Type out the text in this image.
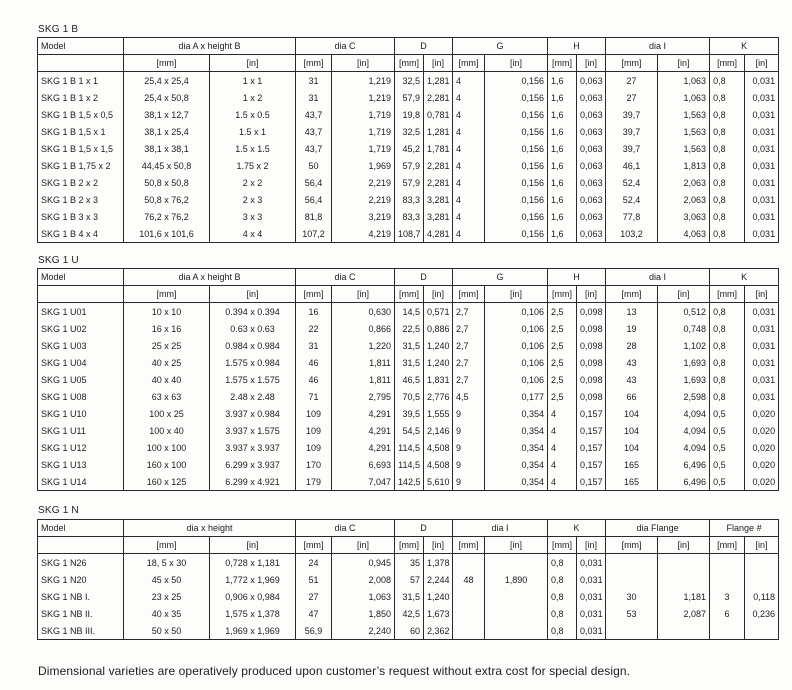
SKG 1 B
Model	dia A x height B		dia C		D		G		H		dia I		K	
	[mm]	[in]	[mm]	[in]	[mm]	[in]	[mm]	[in]	[mm]	[in]	[mm]	[in]	[mm]	[in]
SKG 1 B 1 x 1	25,4 x 25,4	1 x 1	31	1,219	32,5	1,281	4	0,156	1,6	0,063	27	1,063	0,8	0,031
SKG 1 B 1 x 2	25,4 x 50,8	1 x 2	31	1,219	57,9	2,281	4	0,156	1,6	0,063	27	1,063	0,8	0,031
SKG 1 B 1,5 x 0,5	38,1 x 12,7	1.5 x 0.5	43,7	1,719	19,8	0,781	4	0,156	1,6	0,063	39,7	1,563	0,8	0,031
SKG 1 B 1,5 x 1	38,1 x 25,4	1.5 x 1	43,7	1,719	32,5	1,281	4	0,156	1,6	0,063	39,7	1,563	0,8	0,031
SKG 1 B 1,5 x 1,5	38,1 x 38,1	1.5 x 1.5	43,7	1,719	45,2	1,781	4	0,156	1,6	0,063	39,7	1,563	0,8	0,031
SKG 1 B 1,75 x 2	44,45 x 50,8	1.75 x 2	50	1,969	57,9	2,281	4	0,156	1,6	0,063	46,1	1,813	0,8	0,031
SKG 1 B 2 x 2	50,8 x 50,8	2 x 2	56,4	2,219	57,9	2,281	4	0,156	1,6	0,063	52,4	2,063	0,8	0,031
SKG 1 B 2 x 3	50,8 x 76,2	2 x 3	56,4	2,219	83,3	3,281	4	0,156	1,6	0,063	52,4	2,063	0,8	0,031
SKG 1 B 3 x 3	76,2 x 76,2	3 x 3	81,8	3,219	83,3	3,281	4	0,156	1,6	0,063	77,8	3,063	0,8	0,031
SKG 1 B 4 x 4	101,6 x 101,6	4 x 4	107,2	4,219	108,7	4,281	4	0,156	1,6	0,063	103,2	4,063	0,8	0,031
SKG 1 U
Model	dia A x height B		dia C		D		G		H		dia I		K	
	[mm]	[in]	[mm]	[in]	[mm]	[in]	[mm]	[in]	[mm]	[in]	[mm]	[in]	[mm]	[in]
SKG 1 U01	10 x 10	0.394 x 0.394	16	0,630	14,5	0,571	2,7	0,106	2,5	0,098	13	0,512	0,8	0,031
SKG 1 U02	16 x 16	0.63 x 0.63	22	0,866	22,5	0,886	2,7	0,106	2,5	0,098	19	0,748	0,8	0,031
SKG 1 U03	25 x 25	0.984 x 0.984	31	1,220	31,5	1,240	2,7	0,106	2,5	0,098	28	1,102	0,8	0,031
SKG 1 U04	40 x 25	1.575 x 0.984	46	1,811	31,5	1,240	2,7	0,106	2,5	0,098	43	1,693	0,8	0,031
SKG 1 U05	40 x 40	1.575 x 1.575	46	1,811	46,5	1,831	2,7	0,106	2,5	0,098	43	1,693	0,8	0,031
SKG 1 U08	63 x 63	2.48 x 2.48	71	2,795	70,5	2,776	4,5	0,177	2,5	0,098	66	2,598	0,8	0,031
SKG 1 U10	100 x 25	3.937 x 0.984	109	4,291	39,5	1,555	9	0,354	4	0,157	104	4,094	0,5	0,020
SKG 1 U11	100 x 40	3.937 x 1.575	109	4,291	54,5	2,146	9	0,354	4	0,157	104	4,094	0,5	0,020
SKG 1 U12	100 x 100	3.937 x 3.937	109	4,291	114,5	4,508	9	0,354	4	0,157	104	4,094	0,5	0,020
SKG 1 U13	160 x 100	6.299 x 3.937	170	6,693	114,5	4,508	9	0,354	4	0,157	165	6,496	0,5	0,020
SKG 1 U14	160 x 125	6.299 x 4.921	179	7,047	142,5	5,610	9	0,354	4	0,157	165	6,496	0,5	0,020
SKG 1 N
Model	dia x height		dia C		D		dia I		K		dia Flange		Flange #	
	[mm]	[in]	[mm]	[in]	[mm]	[in]	[mm]	[in]	[mm]	[in]	[mm]	[in]	[mm]	[in]
SKG 1 N26	18, 5 x 30	0,728 x 1,181	24	0,945	35	1,378			0,8	0,031				
SKG 1 N20	45 x 50	1,772 x 1,969	51	2,008	57	2,244	48	1,890	0,8	0,031				
SKG 1 NB I.	23 x 25	0,906 x 0,984	27	1,063	31,5	1,240			0,8	0,031	30	1,181	3	0,118
SKG 1 NB II.	40 x 35	1,575 x 1,378	47	1,850	42,5	1,673			0,8	0,031	53	2,087	6	0,236
SKG 1 NB III.	50 x 50	1,969 x 1,969	56,9	2,240	60	2,362			0,8	0,031				
Dimensional varieties are operatively produced upon customer’s request without extra cost for special design.
